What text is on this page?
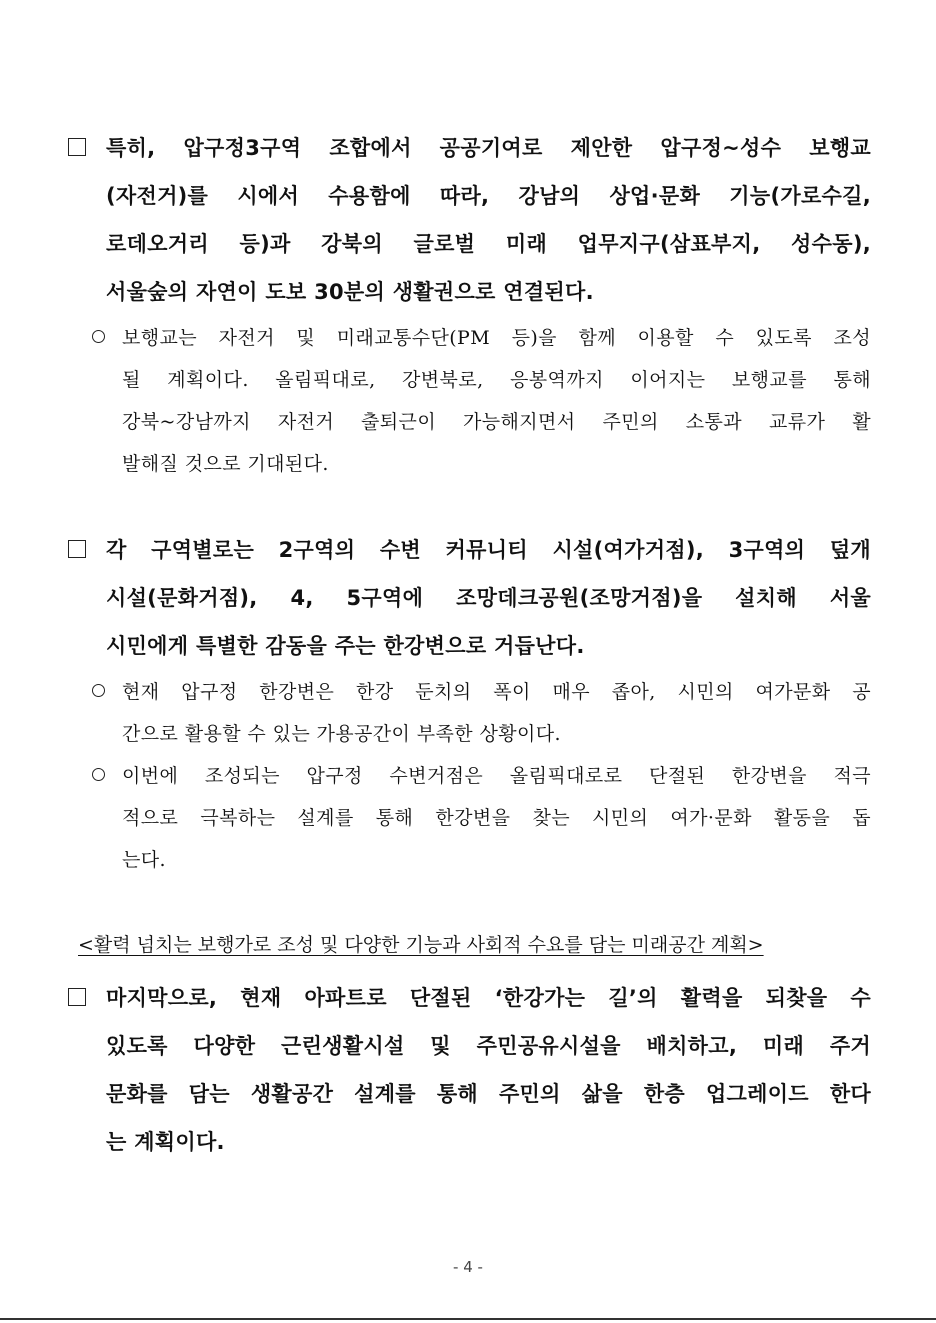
특히, 압구정3구역 조합에서 공공기여로 제안한 압구정~성수 보행교
(자전거)를 시에서 수용함에 따라, 강남의 상업·문화 기능(가로수길,
로데오거리 등)과 강북의 글로벌 미래 업무지구(삼표부지, 성수동),
서울숲의 자연이 도보 30분의 생활권으로 연결된다.
보행교는 자전거 및 미래교통수단(PM 등)을 함께 이용할 수 있도록 조성
될 계획이다. 올림픽대로, 강변북로, 응봉역까지 이어지는 보행교를 통해
강북~강남까지 자전거 출퇴근이 가능해지면서 주민의 소통과 교류가 활
발해질 것으로 기대된다.
각 구역별로는 2구역의 수변 커뮤니티 시설(여가거점), 3구역의 덮개
시설(문화거점), 4, 5구역에 조망데크공원(조망거점)을 설치해 서울
시민에게 특별한 감동을 주는 한강변으로 거듭난다.
현재 압구정 한강변은 한강 둔치의 폭이 매우 좁아, 시민의 여가문화 공
간으로 활용할 수 있는 가용공간이 부족한 상황이다.
이번에 조성되는 압구정 수변거점은 올림픽대로로 단절된 한강변을 적극
적으로 극복하는 설계를 통해 한강변을 찾는 시민의 여가·문화 활동을 돕
는다.
<활력 넘치는 보행가로 조성 및 다양한 기능과 사회적 수요를 담는 미래공간 계획>
마지막으로, 현재 아파트로 단절된 ‘한강가는 길’의 활력을 되찾을 수
있도록 다양한 근린생활시설 및 주민공유시설을 배치하고, 미래 주거
문화를 담는 생활공간 설계를 통해 주민의 삶을 한층 업그레이드 한다
는 계획이다.
- 4 -
